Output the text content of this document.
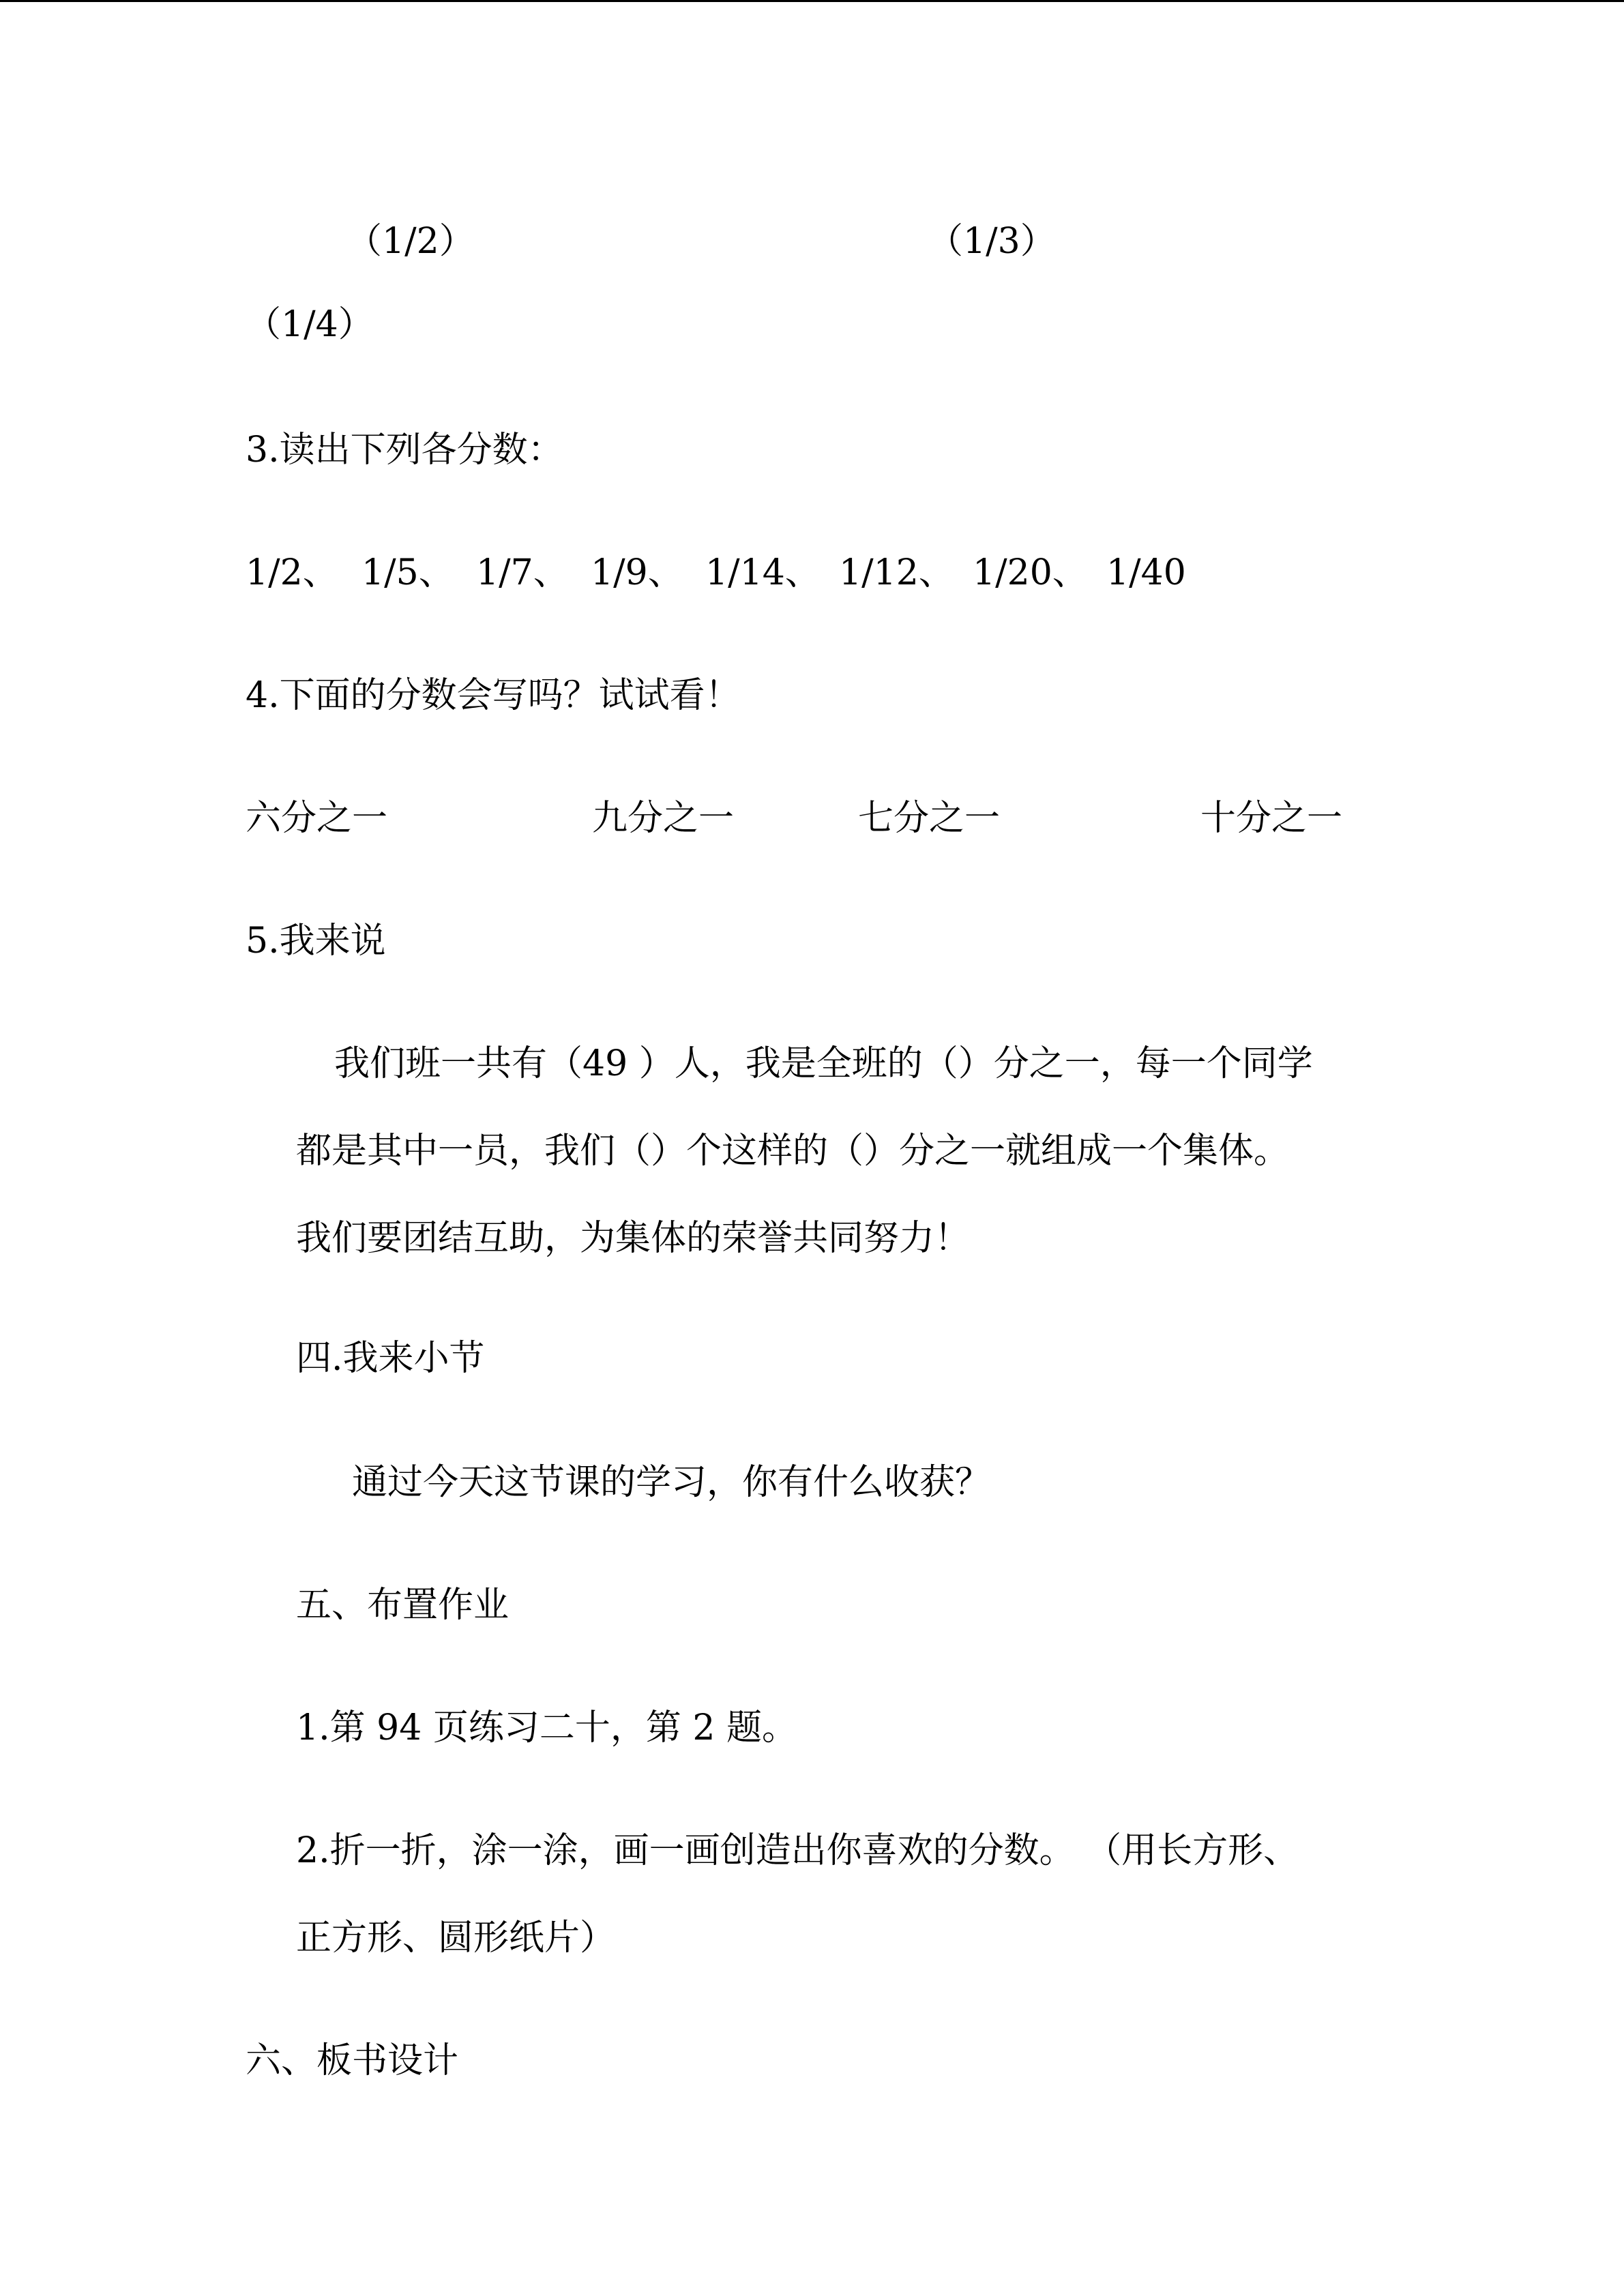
（1/2）	（1/3）
（1/4）
3.读出下列各分数：
1/2、 1/5、 1/7、 1/9、 1/14、 1/12、 1/20、 1/40
4.下面的分数会写吗？试试看！
六分之一	九分之一	七分之一	十分之一
5.我来说
我们班一共有（49 ）人，我是全班的（）分之一，每一个同学
都是其中一员，我们（）个这样的（）分之一就组成一个集体。
我们要团结互助，为集体的荣誉共同努力！
四.我来小节
通过今天这节课的学习，你有什么收获？
五、布置作业
1.第 94 页练习二十，第 2 题。
2.折一折，涂一涂，画一画创造出你喜欢的分数。 （用长方形、
正方形、圆形纸片）
六、板书设计
